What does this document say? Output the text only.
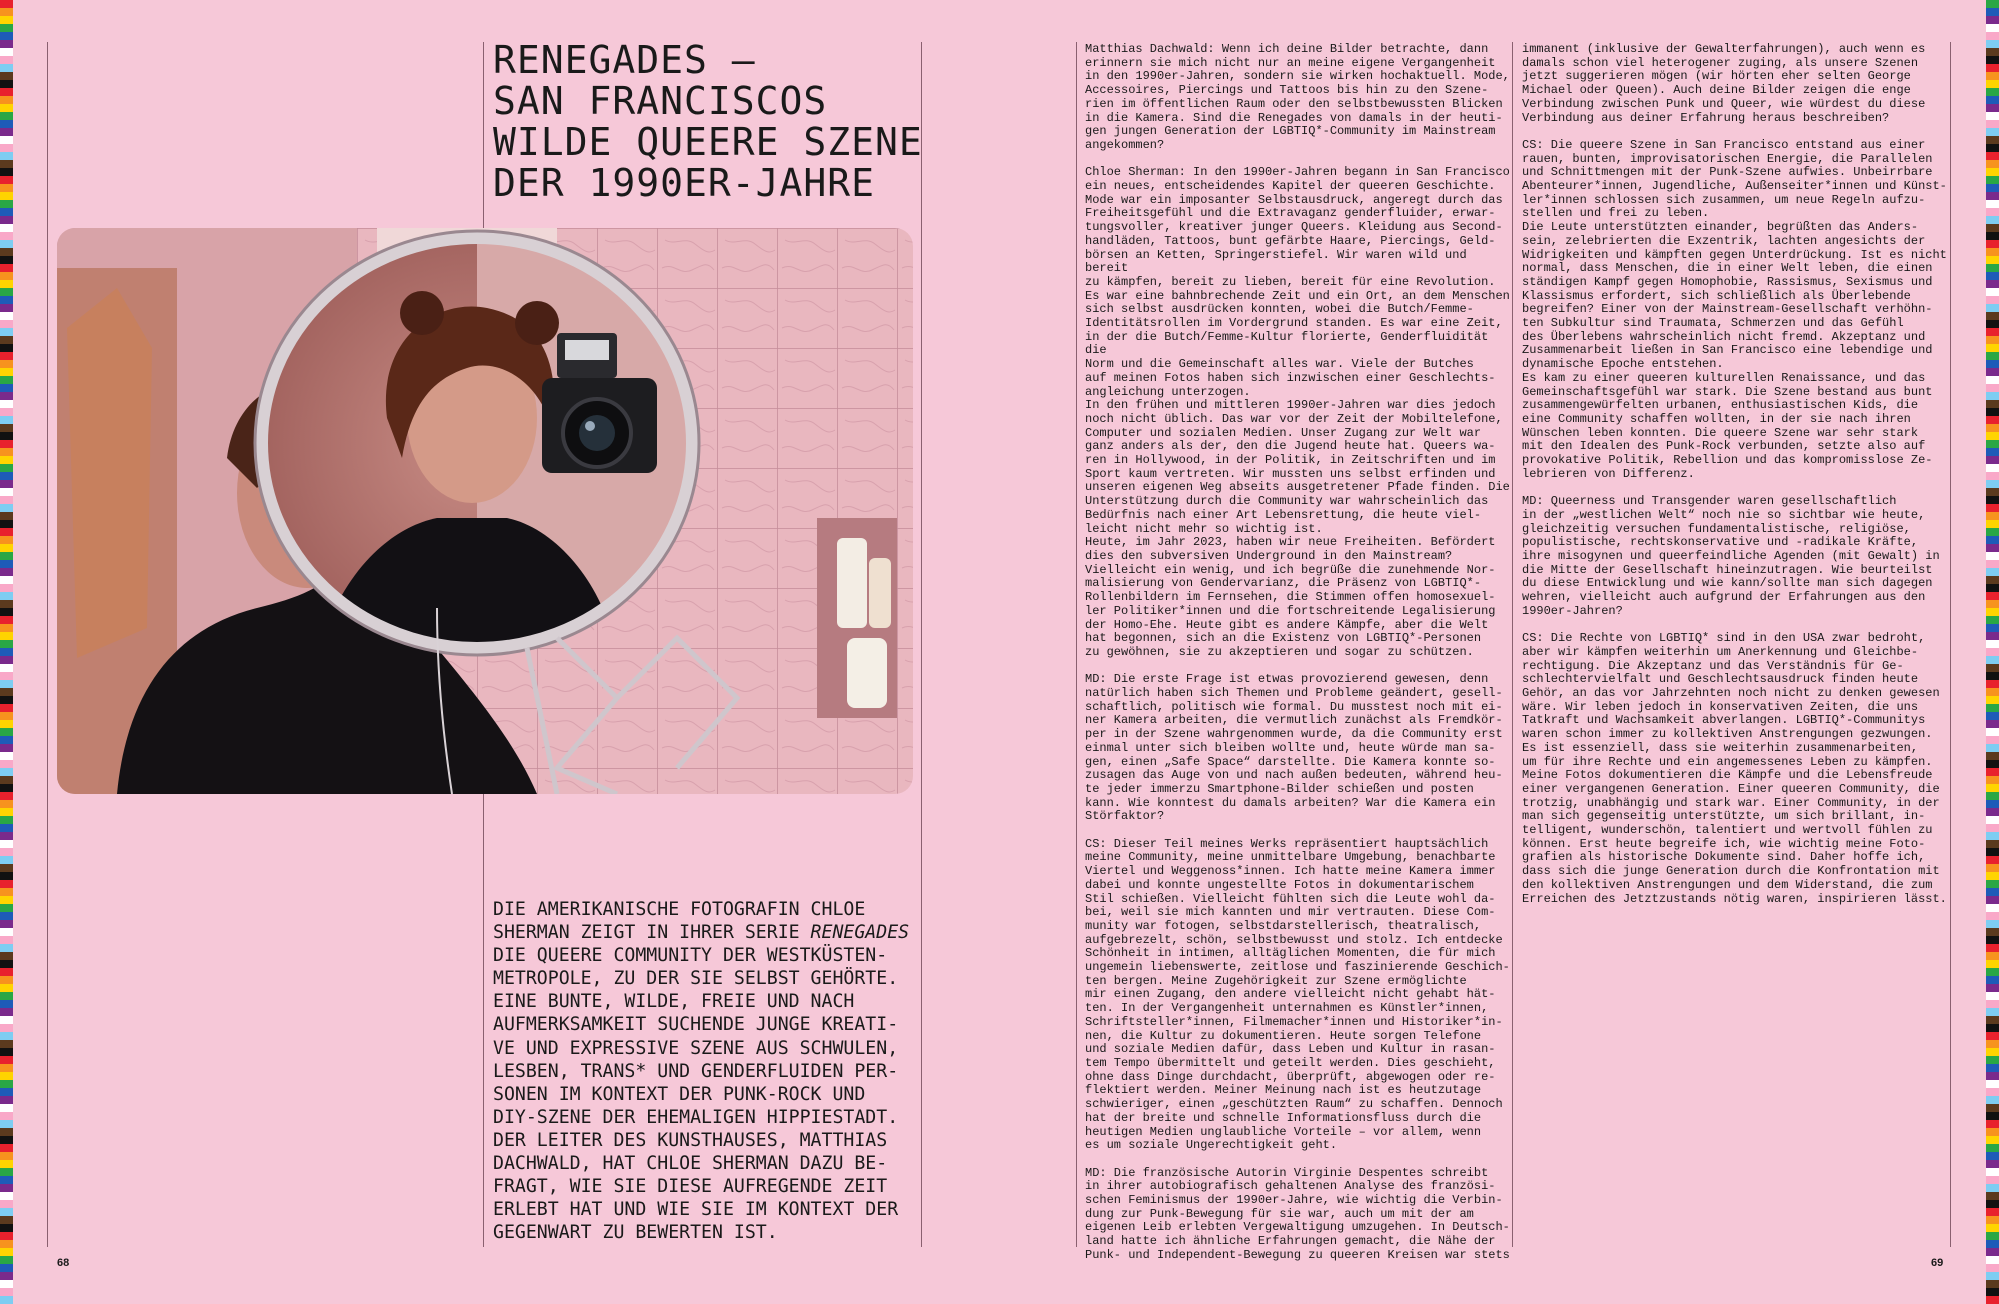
RENEGADES –
SAN FRANCISCOS
WILDE QUEERE SZENE
DER 1990ER-JAHRE
DIE AMERIKANISCHE FOTOGRAFIN CHLOE
SHERMAN ZEIGT IN IHRER SERIE RENEGADES
DIE QUEERE COMMUNITY DER WESTKÜSTEN-
METROPOLE, ZU DER SIE SELBST GEHÖRTE.
EINE BUNTE, WILDE, FREIE UND NACH
AUFMERKSAMKEIT SUCHENDE JUNGE KREATI-
VE UND EXPRESSIVE SZENE AUS SCHWULEN,
LESBEN, TRANS* UND GENDERFLUIDEN PER-
SONEN IM KONTEXT DER PUNK-ROCK UND
DIY-SZENE DER EHEMALIGEN HIPPIESTADT.
DER LEITER DES KUNSTHAUSES, MATTHIAS
DACHWALD, HAT CHLOE SHERMAN DAZU BE-
FRAGT, WIE SIE DIESE AUFREGENDE ZEIT
ERLEBT HAT UND WIE SIE IM KONTEXT DER
GEGENWART ZU BEWERTEN IST.

Matthias Dachwald: Wenn ich deine Bilder betrachte, dann
erinnern sie mich nicht nur an meine eigene Vergangenheit
in den 1990er-Jahren, sondern sie wirken hochaktuell. Mode,
Accessoires, Piercings und Tattoos bis hin zu den Szene-
rien im öffentlichen Raum oder den selbstbewussten Blicken
in die Kamera. Sind die Renegades von damals in der heuti-
gen jungen Generation der LGBTIQ*-Community im Mainstream
angekommen?

Chloe Sherman: In den 1990er-Jahren begann in San Francisco
ein neues, entscheidendes Kapitel der queeren Geschichte.
Mode war ein imposanter Selbstausdruck, angeregt durch das
Freiheitsgefühl und die Extravaganz genderfluider, erwar-
tungsvoller, kreativer junger Queers. Kleidung aus Second-
handläden, Tattoos, bunt gefärbte Haare, Piercings, Geld-
börsen an Ketten, Springerstiefel. Wir waren wild und bereit
zu kämpfen, bereit zu lieben, bereit für eine Revolution.
Es war eine bahnbrechende Zeit und ein Ort, an dem Menschen
sich selbst ausdrücken konnten, wobei die Butch/Femme-
Identitätsrollen im Vordergrund standen. Es war eine Zeit,
in der die Butch/Femme-Kultur florierte, Genderfluidität die
Norm und die Gemeinschaft alles war. Viele der Butches
auf meinen Fotos haben sich inzwischen einer Geschlechts-
angleichung unterzogen.
In den frühen und mittleren 1990er-Jahren war dies jedoch
noch nicht üblich. Das war vor der Zeit der Mobiltelefone,
Computer und sozialen Medien. Unser Zugang zur Welt war
ganz anders als der, den die Jugend heute hat. Queers wa-
ren in Hollywood, in der Politik, in Zeitschriften und im
Sport kaum vertreten. Wir mussten uns selbst erfinden und
unseren eigenen Weg abseits ausgetretener Pfade finden. Die
Unterstützung durch die Community war wahrscheinlich das
Bedürfnis nach einer Art Lebensrettung, die heute viel-
leicht nicht mehr so wichtig ist.
Heute, im Jahr 2023, haben wir neue Freiheiten. Befördert
dies den subversiven Underground in den Mainstream?
Vielleicht ein wenig, und ich begrüße die zunehmende Nor-
malisierung von Gendervarianz, die Präsenz von LGBTIQ*-
Rollenbildern im Fernsehen, die Stimmen offen homosexuel-
ler Politiker*innen und die fortschreitende Legalisierung
der Homo-Ehe. Heute gibt es andere Kämpfe, aber die Welt
hat begonnen, sich an die Existenz von LGBTIQ*-Personen
zu gewöhnen, sie zu akzeptieren und sogar zu schützen.

MD: Die erste Frage ist etwas provozierend gewesen, denn
natürlich haben sich Themen und Probleme geändert, gesell-
schaftlich, politisch wie formal. Du musstest noch mit ei-
ner Kamera arbeiten, die vermutlich zunächst als Fremdkör-
per in der Szene wahrgenommen wurde, da die Community erst
einmal unter sich bleiben wollte und, heute würde man sa-
gen, einen „Safe Space“ darstellte. Die Kamera konnte so-
zusagen das Auge von und nach außen bedeuten, während heu-
te jeder immerzu Smartphone-Bilder schießen und posten
kann. Wie konntest du damals arbeiten? War die Kamera ein
Störfaktor?

CS: Dieser Teil meines Werks repräsentiert hauptsächlich
meine Community, meine unmittelbare Umgebung, benachbarte
Viertel und Weggenoss*innen. Ich hatte meine Kamera immer
dabei und konnte ungestellte Fotos in dokumentarischem
Stil schießen. Vielleicht fühlten sich die Leute wohl da-
bei, weil sie mich kannten und mir vertrauten. Diese Com-
munity war fotogen, selbstdarstellerisch, theatralisch,
aufgebrezelt, schön, selbstbewusst und stolz. Ich entdecke
Schönheit in intimen, alltäglichen Momenten, die für mich
ungemein liebenswerte, zeitlose und faszinierende Geschich-
ten bergen. Meine Zugehörigkeit zur Szene ermöglichte
mir einen Zugang, den andere vielleicht nicht gehabt hät-
ten. In der Vergangenheit unternahmen es Künstler*innen,
Schriftsteller*innen, Filmemacher*innen und Historiker*in-
nen, die Kultur zu dokumentieren. Heute sorgen Telefone
und soziale Medien dafür, dass Leben und Kultur in rasan-
tem Tempo übermittelt und geteilt werden. Dies geschieht,
ohne dass Dinge durchdacht, überprüft, abgewogen oder re-
flektiert werden. Meiner Meinung nach ist es heutzutage
schwieriger, einen „geschützten Raum“ zu schaffen. Dennoch
hat der breite und schnelle Informationsfluss durch die
heutigen Medien unglaubliche Vorteile – vor allem, wenn
es um soziale Ungerechtigkeit geht.

MD: Die französische Autorin Virginie Despentes schreibt
in ihrer autobiografisch gehaltenen Analyse des französi-
schen Feminismus der 1990er-Jahre, wie wichtig die Verbin-
dung zur Punk-Bewegung für sie war, auch um mit der am
eigenen Leib erlebten Vergewaltigung umzugehen. In Deutsch-
land hatte ich ähnliche Erfahrungen gemacht, die Nähe der
Punk- und Independent-Bewegung zu queeren Kreisen war stets

immanent (inklusive der Gewalterfahrungen), auch wenn es
damals schon viel heterogener zuging, als unsere Szenen
jetzt suggerieren mögen (wir hörten eher selten George
Michael oder Queen). Auch deine Bilder zeigen die enge
Verbindung zwischen Punk und Queer, wie würdest du diese
Verbindung aus deiner Erfahrung heraus beschreiben?

CS: Die queere Szene in San Francisco entstand aus einer
rauen, bunten, improvisatorischen Energie, die Parallelen
und Schnittmengen mit der Punk-Szene aufwies. Unbeirrbare
Abenteurer*innen, Jugendliche, Außenseiter*innen und Künst-
ler*innen schlossen sich zusammen, um neue Regeln aufzu-
stellen und frei zu leben.
Die Leute unterstützten einander, begrüßten das Anders-
sein, zelebrierten die Exzentrik, lachten angesichts der
Widrigkeiten und kämpften gegen Unterdrückung. Ist es nicht
normal, dass Menschen, die in einer Welt leben, die einen
ständigen Kampf gegen Homophobie, Rassismus, Sexismus und
Klassismus erfordert, sich schließlich als Überlebende
begreifen? Einer von der Mainstream-Gesellschaft verhöhn-
ten Subkultur sind Traumata, Schmerzen und das Gefühl
des Überlebens wahrscheinlich nicht fremd. Akzeptanz und
Zusammenarbeit ließen in San Francisco eine lebendige und
dynamische Epoche entstehen.
Es kam zu einer queeren kulturellen Renaissance, und das
Gemeinschaftsgefühl war stark. Die Szene bestand aus bunt
zusammengewürfelten urbanen, enthusiastischen Kids, die
eine Community schaffen wollten, in der sie nach ihren
Wünschen leben konnten. Die queere Szene war sehr stark
mit den Idealen des Punk-Rock verbunden, setzte also auf
provokative Politik, Rebellion und das kompromisslose Ze-
lebrieren von Differenz.

MD: Queerness und Transgender waren gesellschaftlich
in der „westlichen Welt“ noch nie so sichtbar wie heute,
gleichzeitig versuchen fundamentalistische, religiöse,
populistische, rechtskonservative und -radikale Kräfte,
ihre misogynen und queerfeindliche Agenden (mit Gewalt) in
die Mitte der Gesellschaft hineinzutragen. Wie beurteilst
du diese Entwicklung und wie kann/sollte man sich dagegen
wehren, vielleicht auch aufgrund der Erfahrungen aus den
1990er-Jahren?

CS: Die Rechte von LGBTIQ* sind in den USA zwar bedroht,
aber wir kämpfen weiterhin um Anerkennung und Gleichbe-
rechtigung. Die Akzeptanz und das Verständnis für Ge-
schlechtervielfalt und Geschlechtsausdruck finden heute
Gehör, an das vor Jahrzehnten noch nicht zu denken gewesen
wäre. Wir leben jedoch in konservativen Zeiten, die uns
Tatkraft und Wachsamkeit abverlangen. LGBTIQ*-Communitys
waren schon immer zu kollektiven Anstrengungen gezwungen.
Es ist essenziell, dass sie weiterhin zusammenarbeiten,
um für ihre Rechte und ein angemessenes Leben zu kämpfen.
Meine Fotos dokumentieren die Kämpfe und die Lebensfreude
einer vergangenen Generation. Einer queeren Community, die
trotzig, unabhängig und stark war. Einer Community, in der
man sich gegenseitig unterstützte, um sich brillant, in-
telligent, wunderschön, talentiert und wertvoll fühlen zu
können. Erst heute begreife ich, wie wichtig meine Foto-
grafien als historische Dokumente sind. Daher hoffe ich,
dass sich die junge Generation durch die Konfrontation mit
den kollektiven Anstrengungen und dem Widerstand, die zum
Erreichen des Jetztzustands nötig waren, inspirieren lässt.

68	69
